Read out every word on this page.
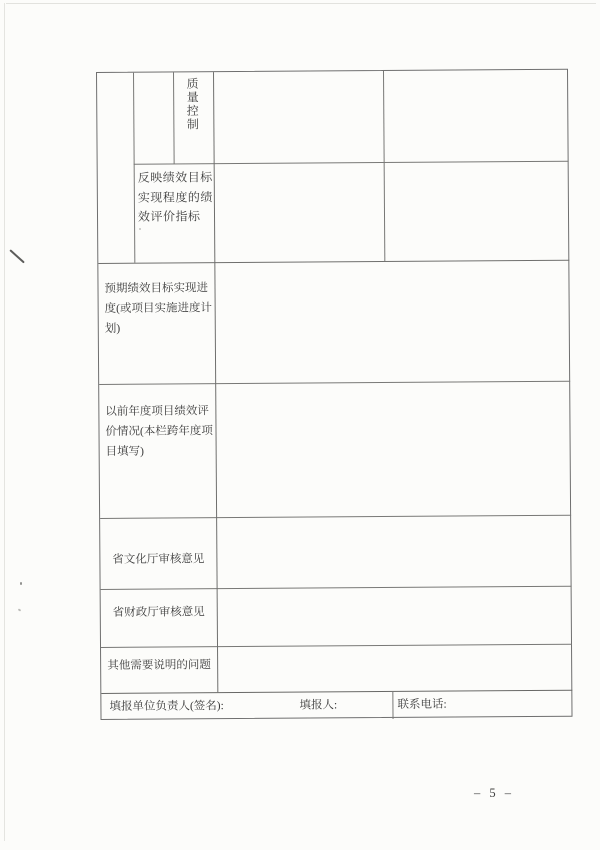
质量控制
反映绩效目标
实现程度的绩
效评价指标
预期绩效目标实现进
度(或项目实施进度计
划)
以前年度项目绩效评
价情况(本栏跨年度项
目填写)
省文化厅审核意见
省财政厅审核意见
其他需要说明的问题
填报单位负责人(签名):	填报人:	联系电话:
– 5 –
